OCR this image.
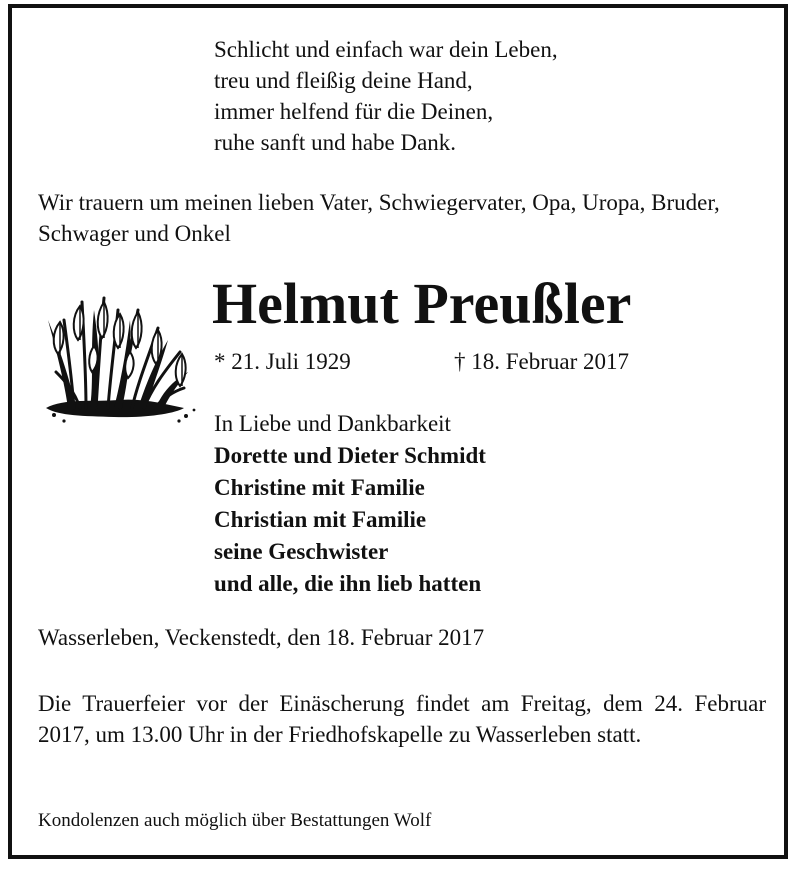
Schlicht und einfach war dein Leben,
treu und fleißig deine Hand,
immer helfend für die Deinen,
ruhe sanft und habe Dank.
Wir trauern um meinen lieben Vater, Schwiegervater, Opa, Uropa, Bruder, Schwager und Onkel
Helmut Preußler
* 21. Juli 1929	† 18. Februar 2017
In Liebe und Dankbarkeit
Dorette und Dieter Schmidt
Christine mit Familie
Christian mit Familie
seine Geschwister
und alle, die ihn lieb hatten
Wasserleben, Veckenstedt, den 18. Februar 2017
Die Trauerfeier vor der Einäscherung findet am Freitag, dem 24. Februar 2017, um 13.00 Uhr in der Friedhofskapelle zu Wasserleben statt.
Kondolenzen auch möglich über Bestattungen Wolf
